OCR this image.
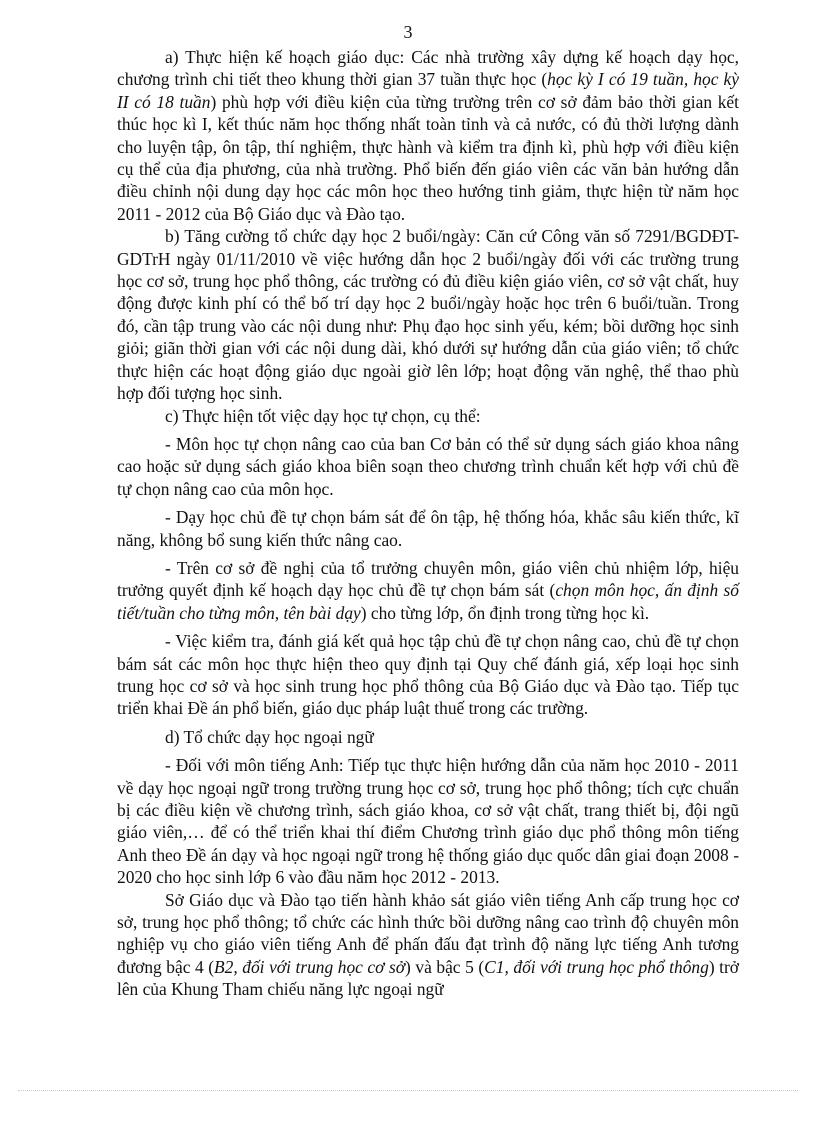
3

a) Thực hiện kế hoạch giáo dục: Các nhà trường xây dựng kế hoạch dạy học, chương trình chi tiết theo khung thời gian 37 tuần thực học (học kỳ I có 19 tuần, học kỳ II có 18 tuần) phù hợp với điều kiện của từng trường trên cơ sở đảm bảo thời gian kết thúc học kì I, kết thúc năm học thống nhất toàn tỉnh và cả nước, có đủ thời lượng dành cho luyện tập, ôn tập, thí nghiệm, thực hành và kiểm tra định kì, phù hợp với điều kiện cụ thể của địa phương, của nhà trường. Phổ biến đến giáo viên các văn bản hướng dẫn điều chỉnh nội dung dạy học các môn học theo hướng tinh giảm, thực hiện từ năm học 2011 - 2012 của Bộ Giáo dục và Đào tạo.

b) Tăng cường tổ chức dạy học 2 buổi/ngày: Căn cứ Công văn số 7291/BGDĐT-GDTrH ngày 01/11/2010 về việc hướng dẫn học 2 buổi/ngày đối với các trường trung học cơ sở, trung học phổ thông, các trường có đủ điều kiện giáo viên, cơ sở vật chất, huy động được kinh phí có thể bố trí dạy học 2 buổi/ngày hoặc học trên 6 buổi/tuần. Trong đó, cần tập trung vào các nội dung như: Phụ đạo học sinh yếu, kém; bồi dưỡng học sinh giỏi; giãn thời gian với các nội dung dài, khó dưới sự hướng dẫn của giáo viên; tổ chức thực hiện các hoạt động giáo dục ngoài giờ lên lớp; hoạt động văn nghệ, thể thao phù hợp đối tượng học sinh.

c) Thực hiện tốt việc dạy học tự chọn, cụ thể:

- Môn học tự chọn nâng cao của ban Cơ bản có thể sử dụng sách giáo khoa nâng cao hoặc sử dụng sách giáo khoa biên soạn theo chương trình chuẩn kết hợp với chủ đề tự chọn nâng cao của môn học.

- Dạy học chủ đề tự chọn bám sát để ôn tập, hệ thống hóa, khắc sâu kiến thức, kĩ năng, không bổ sung kiến thức nâng cao.

- Trên cơ sở đề nghị của tổ trưởng chuyên môn, giáo viên chủ nhiệm lớp, hiệu trưởng quyết định kế hoạch dạy học chủ đề tự chọn bám sát (chọn môn học, ấn định số tiết/tuần cho từng môn, tên bài dạy) cho từng lớp, ổn định trong từng học kì.

- Việc kiểm tra, đánh giá kết quả học tập chủ đề tự chọn nâng cao, chủ đề tự chọn bám sát các môn học thực hiện theo quy định tại Quy chế đánh giá, xếp loại học sinh trung học cơ sở và học sinh trung học phổ thông của Bộ Giáo dục và Đào tạo. Tiếp tục triển khai Đề án phổ biến, giáo dục pháp luật thuế trong các trường.

d) Tổ chức dạy học ngoại ngữ

- Đối với môn tiếng Anh: Tiếp tục thực hiện hướng dẫn của năm học 2010 - 2011 về dạy học ngoại ngữ trong trường trung học cơ sở, trung học phổ thông; tích cực chuẩn bị các điều kiện về chương trình, sách giáo khoa, cơ sở vật chất, trang thiết bị, đội ngũ giáo viên,… để có thể triển khai thí điểm Chương trình giáo dục phổ thông môn tiếng Anh theo Đề án dạy và học ngoại ngữ trong hệ thống giáo dục quốc dân giai đoạn 2008 - 2020 cho học sinh lớp 6 vào đầu năm học 2012 - 2013.

Sở Giáo dục và Đào tạo tiến hành khảo sát giáo viên tiếng Anh cấp trung học cơ sở, trung học phổ thông; tổ chức các hình thức bồi dưỡng nâng cao trình độ chuyên môn nghiệp vụ cho giáo viên tiếng Anh để phấn đấu đạt trình độ năng lực tiếng Anh tương đương bậc 4 (B2, đối với trung học cơ sở) và bậc 5 (C1, đối với trung học phổ thông) trở lên của Khung Tham chiếu năng lực ngoại ngữ
